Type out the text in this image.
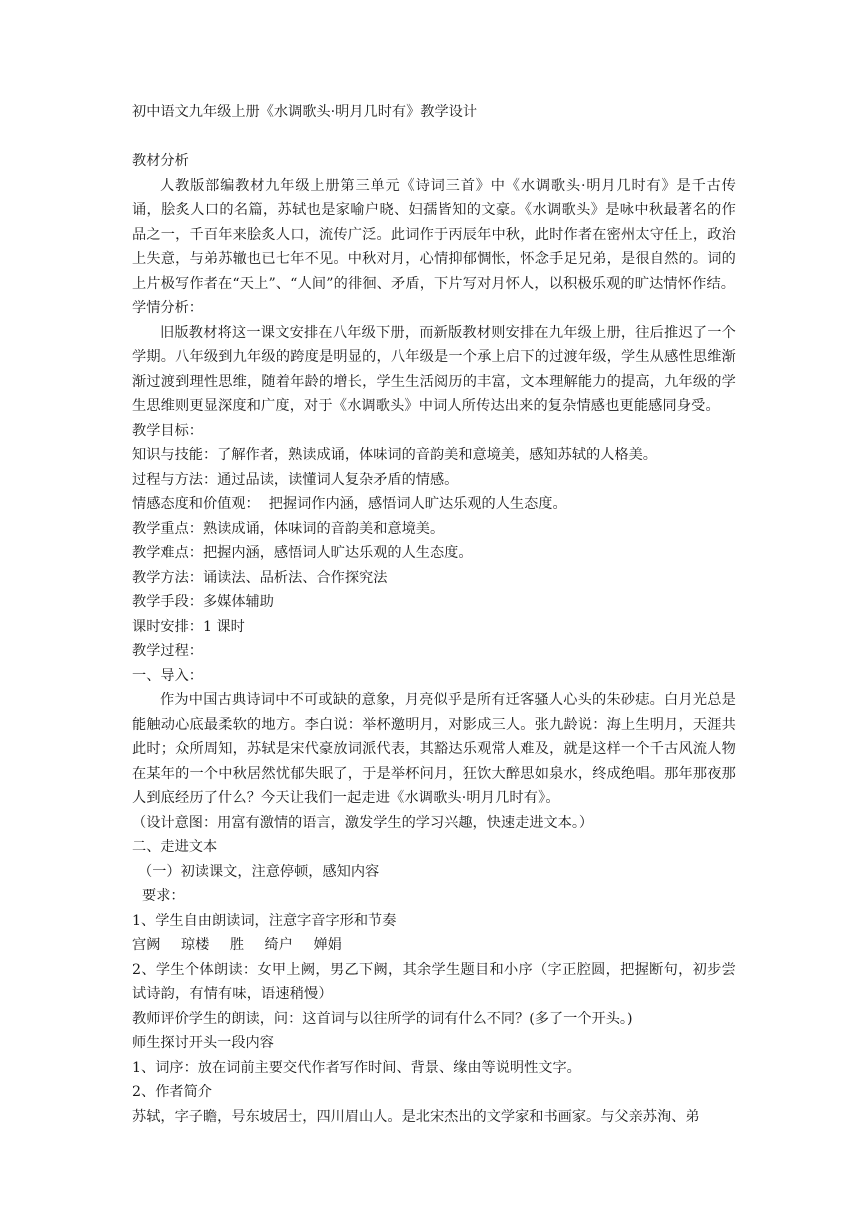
初中语文九年级上册《水调歌头·明月几时有》教学设计
教材分析
人教版部编教材九年级上册第三单元《诗词三首》中《水调歌头·明月几时有》是千古传诵，脍炙人口的名篇，苏轼也是家喻户晓、妇孺皆知的文豪。《水调歌头》是咏中秋最著名的作品之一，千百年来脍炙人口，流传广泛。此词作于丙辰年中秋，此时作者在密州太守任上，政治上失意，与弟苏辙也已七年不见。中秋对月，心情抑郁惆怅，怀念手足兄弟，是很自然的。词的上片极写作者在“天上”、“人间”的徘徊、矛盾，下片写对月怀人，以积极乐观的旷达情怀作结。
学情分析：
旧版教材将这一课文安排在八年级下册，而新版教材则安排在九年级上册，往后推迟了一个学期。八年级到九年级的跨度是明显的，八年级是一个承上启下的过渡年级，学生从感性思维渐渐过渡到理性思维，随着年龄的增长，学生生活阅历的丰富，文本理解能力的提高，九年级的学生思维则更显深度和广度，对于《水调歌头》中词人所传达出来的复杂情感也更能感同身受。
教学目标：
知识与技能：了解作者，熟读成诵，体味词的音韵美和意境美，感知苏轼的人格美。
过程与方法：通过品读，读懂词人复杂矛盾的情感。
情感态度和价值观：  把握词作内涵，感悟词人旷达乐观的人生态度。
教学重点：熟读成诵，体味词的音韵美和意境美。
教学难点：把握内涵，感悟词人旷达乐观的人生态度。
教学方法：诵读法、品析法、合作探究法
教学手段：多媒体辅助
课时安排：1 课时
教学过程：
一、导入：
作为中国古典诗词中不可或缺的意象，月亮似乎是所有迁客骚人心头的朱砂痣。白月光总是能触动心底最柔软的地方。李白说：举杯邀明月，对影成三人。张九龄说：海上生明月，天涯共此时；众所周知，苏轼是宋代豪放词派代表，其豁达乐观常人难及，就是这样一个千古风流人物在某年的一个中秋居然忧郁失眠了，于是举杯问月，狂饮大醉思如泉水，终成绝唱。那年那夜那人到底经历了什么？今天让我们一起走进《水调歌头·明月几时有》。
（设计意图：用富有激情的语言，激发学生的学习兴趣，快速走进文本。）
二、走进文本
（一）初读课文，注意停顿，感知内容
要求：
1、学生自由朗读词，注意字音字形和节奏
宫阙 琼楼 胜 绮户 婵娟
2、学生个体朗读：女甲上阙，男乙下阙，其余学生题目和小序（字正腔圆，把握断句，初步尝试诗韵，有情有味，语速稍慢）
教师评价学生的朗读，问：这首词与以往所学的词有什么不同？(多了一个开头。)
师生探讨开头一段内容
1、词序：放在词前主要交代作者写作时间、背景、缘由等说明性文字。
2、作者简介
苏轼，字子瞻，号东坡居士，四川眉山人。是北宋杰出的文学家和书画家。与父亲苏洵、弟
